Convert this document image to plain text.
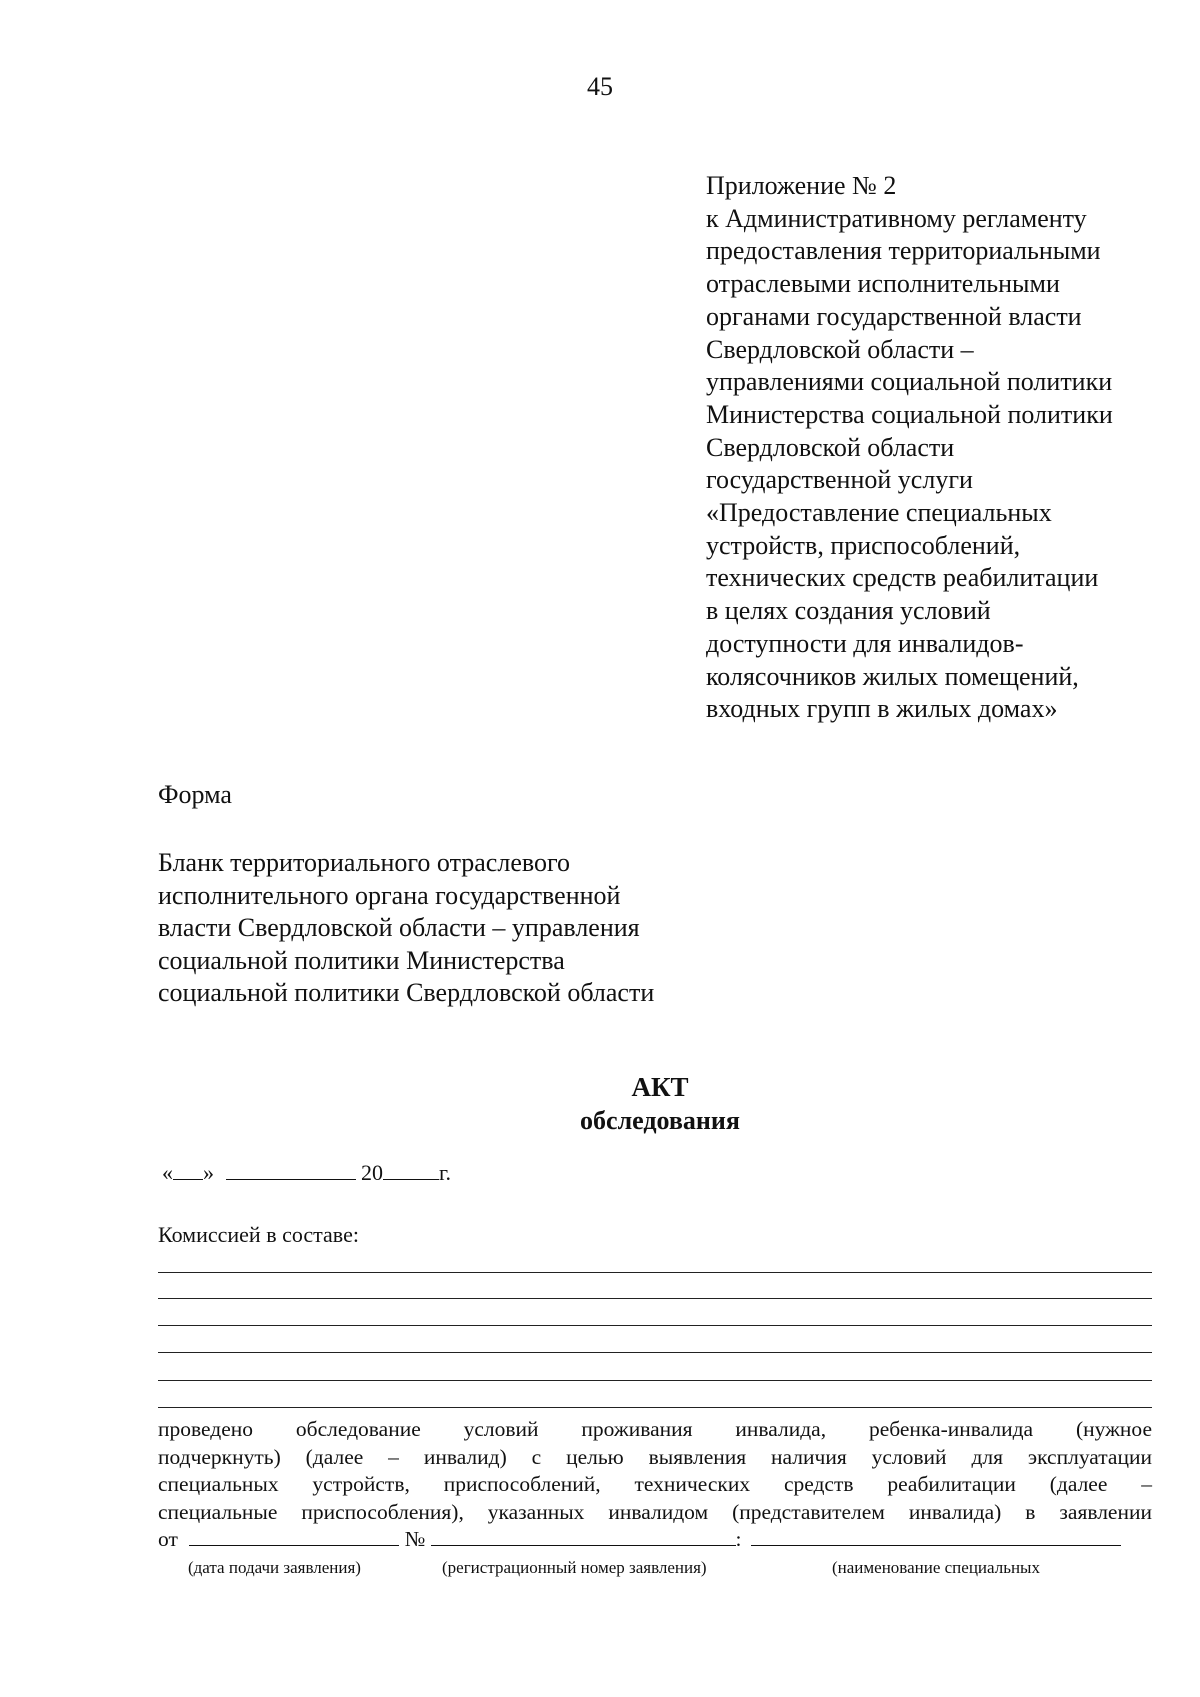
45
Приложение № 2
к Административному регламенту
предоставления территориальными
отраслевыми исполнительными
органами государственной власти
Свердловской области –
управлениями социальной политики
Министерства социальной политики
Свердловской области
государственной услуги
«Предоставление специальных
устройств, приспособлений,
технических средств реабилитации
в целях создания условий
доступности для инвалидов-
колясочников жилых помещений,
входных групп в жилых домах»
Форма
Бланк территориального отраслевого
исполнительного органа государственной
власти Свердловской области – управления
социальной политики Министерства
социальной политики Свердловской области
АКТ
обследования
« »	20	г.
Комиссией в составе:
проведено обследование условий проживания инвалида, ребенка-инвалида (нужное
подчеркнуть) (далее – инвалид) с целью выявления наличия условий для эксплуатации
специальных устройств, приспособлений, технических средств реабилитации (далее –
специальные приспособления), указанных инвалидом (представителем инвалида) в заявлении
от	№	:
(дата подачи заявления)	(регистрационный номер заявления)	(наименование специальных
